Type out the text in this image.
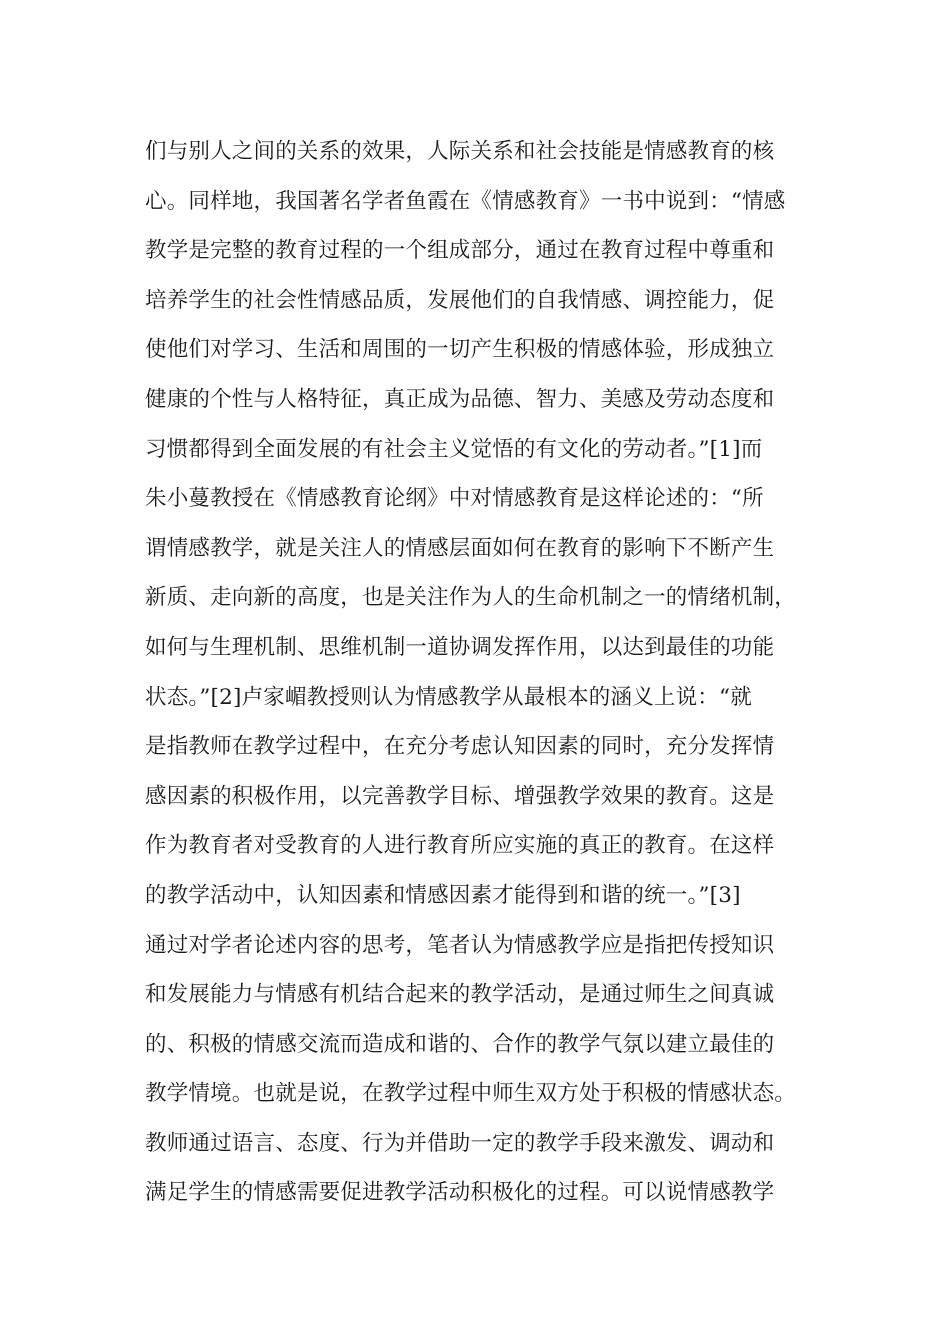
们与别人之间的关系的效果，人际关系和社会技能是情感教育的核
心。同样地，我国著名学者鱼霞在《情感教育》一书中说到：“情感
教学是完整的教育过程的一个组成部分，通过在教育过程中尊重和
培养学生的社会性情感品质，发展他们的自我情感、调控能力，促
使他们对学习、生活和周围的一切产生积极的情感体验，形成独立
健康的个性与人格特征，真正成为品德、智力、美感及劳动态度和
习惯都得到全面发展的有社会主义觉悟的有文化的劳动者。”[1]而
朱小蔓教授在《情感教育论纲》中对情感教育是这样论述的：“所
谓情感教学，就是关注人的情感层面如何在教育的影响下不断产生
新质、走向新的高度，也是关注作为人的生命机制之一的情绪机制，
如何与生理机制、思维机制一道协调发挥作用，以达到最佳的功能
状态。”[2]卢家嵋教授则认为情感教学从最根本的涵义上说：“就
是指教师在教学过程中，在充分考虑认知因素的同时，充分发挥情
感因素的积极作用，以完善教学目标、增强教学效果的教育。这是
作为教育者对受教育的人进行教育所应实施的真正的教育。在这样
的教学活动中，认知因素和情感因素才能得到和谐的统一。”[3]
通过对学者论述内容的思考，笔者认为情感教学应是指把传授知识
和发展能力与情感有机结合起来的教学活动，是通过师生之间真诚
的、积极的情感交流而造成和谐的、合作的教学气氛以建立最佳的
教学情境。也就是说，在教学过程中师生双方处于积极的情感状态。
教师通过语言、态度、行为并借助一定的教学手段来激发、调动和
满足学生的情感需要促进教学活动积极化的过程。可以说情感教学
